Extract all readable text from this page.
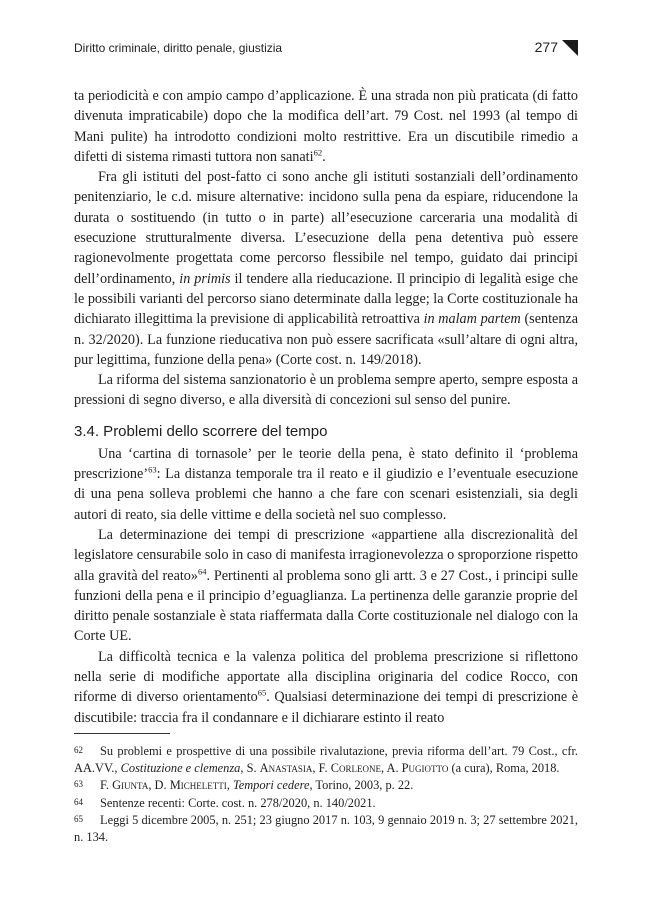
Diritto criminale, diritto penale, giustizia	277

ta periodicità e con ampio campo d’applicazione. È una strada non più praticata (di fatto divenuta impraticabile) dopo che la modifica dell’art. 79 Cost. nel 1993 (al tempo di Mani pulite) ha introdotto condizioni molto restrittive. Era un discutibile rimedio a difetti di sistema rimasti tuttora non sanati$^{62}$.

Fra gli istituti del post-fatto ci sono anche gli istituti sostanziali dell’ordinamento penitenziario, le c.d. misure alternative: incidono sulla pena da espiare, riducendone la durata o sostituendo (in tutto o in parte) all’esecuzione carceraria una modalità di esecuzione strutturalmente diversa. L’esecuzione della pena detentiva può essere ragionevolmente progettata come percorso flessibile nel tempo, guidato dai principi dell’ordinamento, in primis il tendere alla rieducazione. Il principio di legalità esige che le possibili varianti del percorso siano determinate dalla legge; la Corte costituzionale ha dichiarato illegittima la previsione di applicabilità retroattiva in malam partem (sentenza n. 32/2020). La funzione rieducativa non può essere sacrificata «sull’altare di ogni altra, pur legittima, funzione della pena» (Corte cost. n. 149/2018).

La riforma del sistema sanzionatorio è un problema sempre aperto, sempre esposta a pressioni di segno diverso, e alla diversità di concezioni sul senso del punire.

3.4. Problemi dello scorrere del tempo

Una ‘cartina di tornasole’ per le teorie della pena, è stato definito il ‘problema prescrizione’$^{63}$: La distanza temporale tra il reato e il giudizio e l’eventuale esecuzione di una pena solleva problemi che hanno a che fare con scenari esistenziali, sia degli autori di reato, sia delle vittime e della società nel suo complesso.

La determinazione dei tempi di prescrizione «appartiene alla discrezionalità del legislatore censurabile solo in caso di manifesta irragionevolezza o sproporzione rispetto alla gravità del reato»$^{64}$. Pertinenti al problema sono gli artt. 3 e 27 Cost., i principi sulle funzioni della pena e il principio d’eguaglianza. La pertinenza delle garanzie proprie del diritto penale sostanziale è stata riaffermata dalla Corte costituzionale nel dialogo con la Corte UE.

La difficoltà tecnica e la valenza politica del problema prescrizione si riflettono nella serie di modifiche apportate alla disciplina originaria del codice Rocco, con riforme di diverso orientamento$^{65}$. Qualsiasi determinazione dei tempi di prescrizione è discutibile: traccia fra il condannare e il dichiarare estinto il reato

62 Su problemi e prospettive di una possibile rivalutazione, previa riforma dell’art. 79 Cost., cfr. AA.VV., Costituzione e clemenza, S. Anastasia, F. Corleone, A. Pugiotto (a cura), Roma, 2018.

63 F. Giunta, D. Micheletti, Tempori cedere, Torino, 2003, p. 22.

64 Sentenze recenti: Corte. cost. n. 278/2020, n. 140/2021.

65 Leggi 5 dicembre 2005, n. 251; 23 giugno 2017 n. 103, 9 gennaio 2019 n. 3; 27 settembre 2021, n. 134.
